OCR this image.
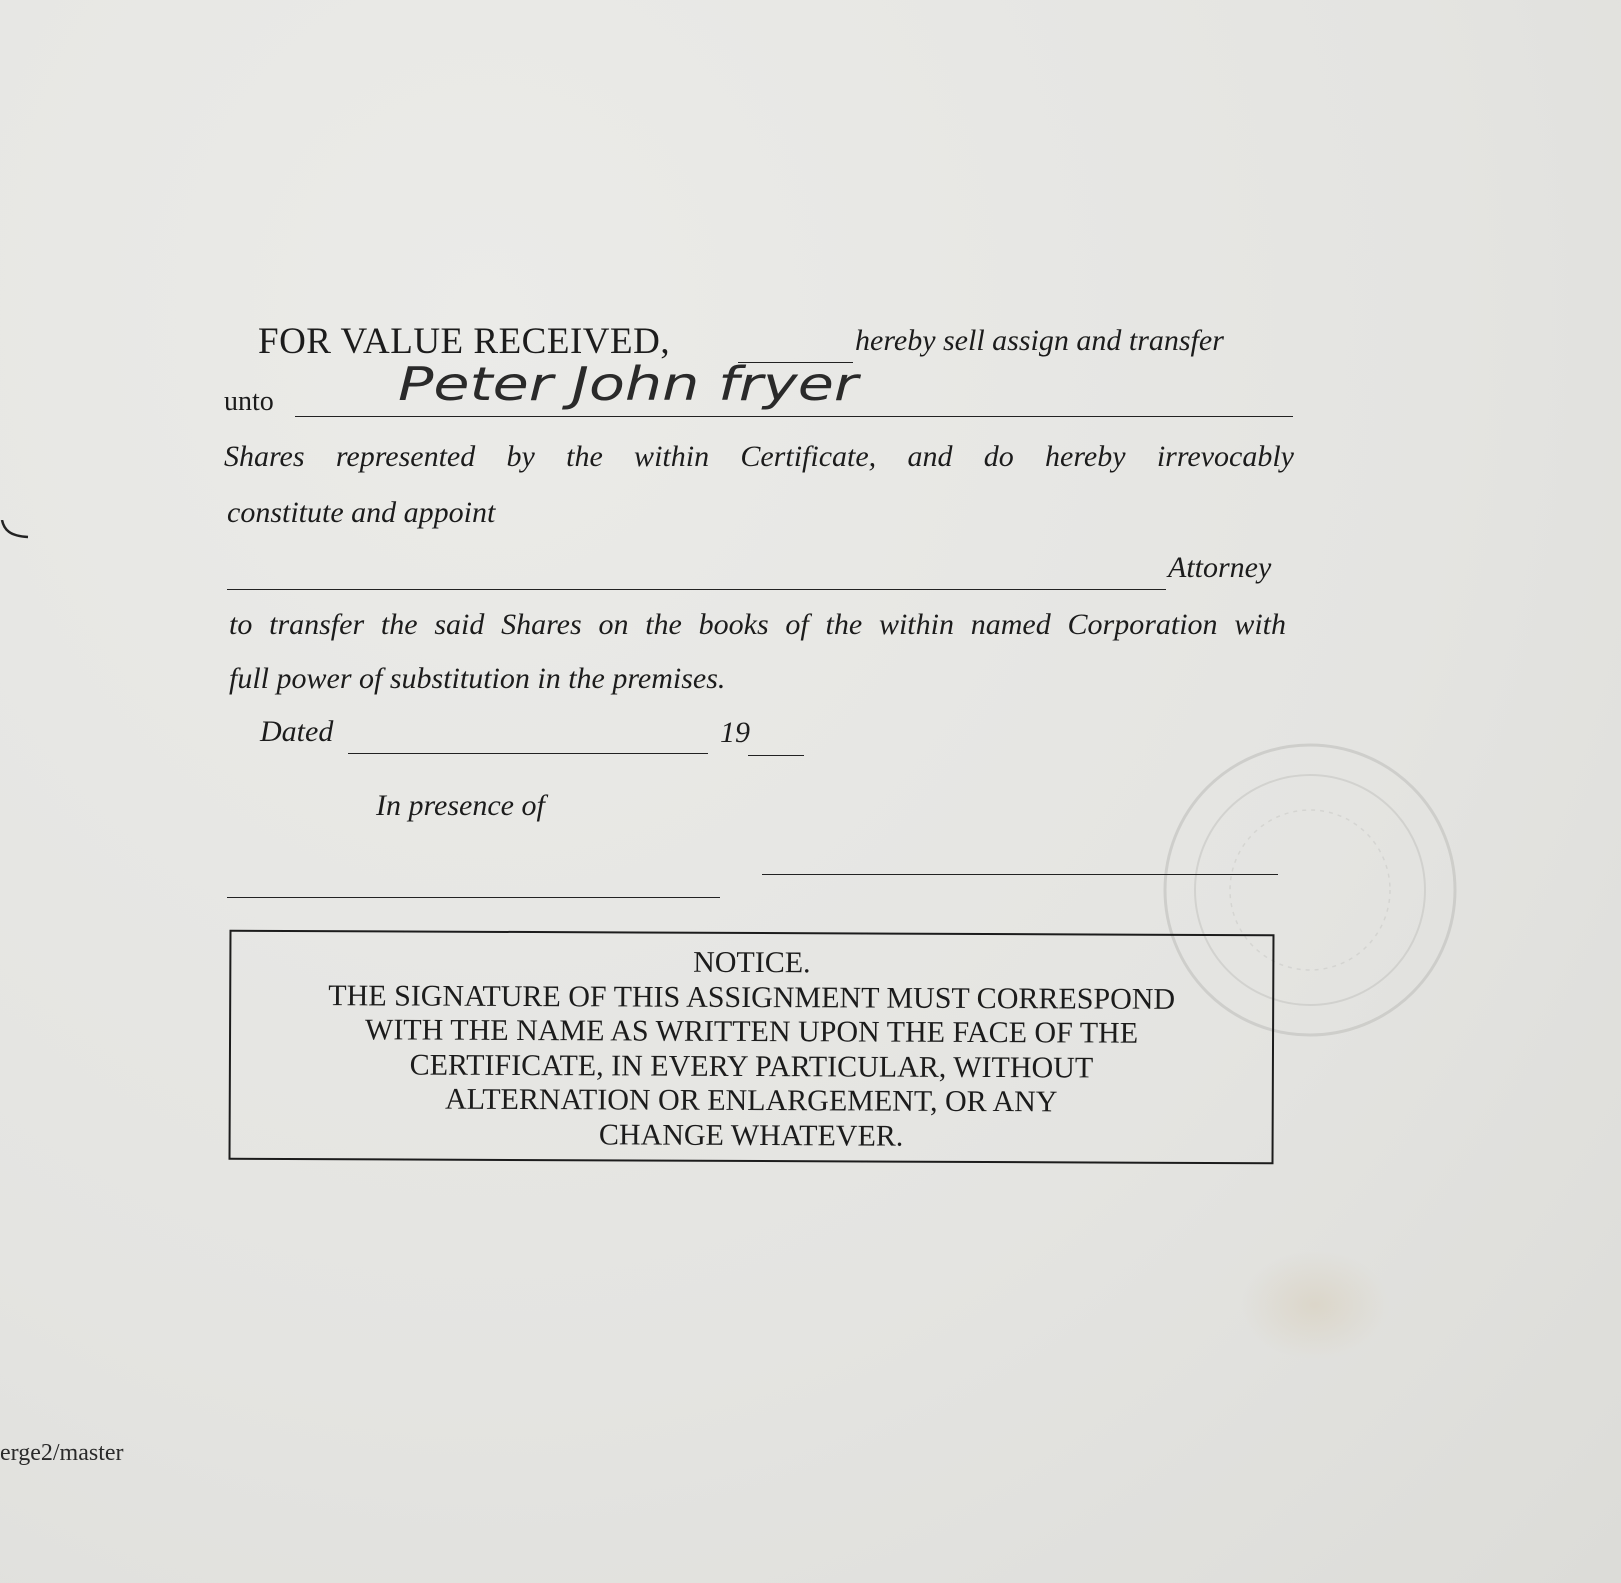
FOR VALUE RECEIVED,	hereby sell assign and transfer
unto	Peter John fryer
Shares represented by the within Certificate, and do hereby irrevocably
constitute and appoint
Attorney
to transfer the said Shares on the books of the within named Corporation with
full power of substitution in the premises.
Dated	19
In presence of
NOTICE.
THE SIGNATURE OF THIS ASSIGNMENT MUST CORRESPOND
WITH THE NAME AS WRITTEN UPON THE FACE OF THE
CERTIFICATE, IN EVERY PARTICULAR, WITHOUT
ALTERNATION OR ENLARGEMENT, OR ANY
CHANGE WHATEVER.
erge2/master
